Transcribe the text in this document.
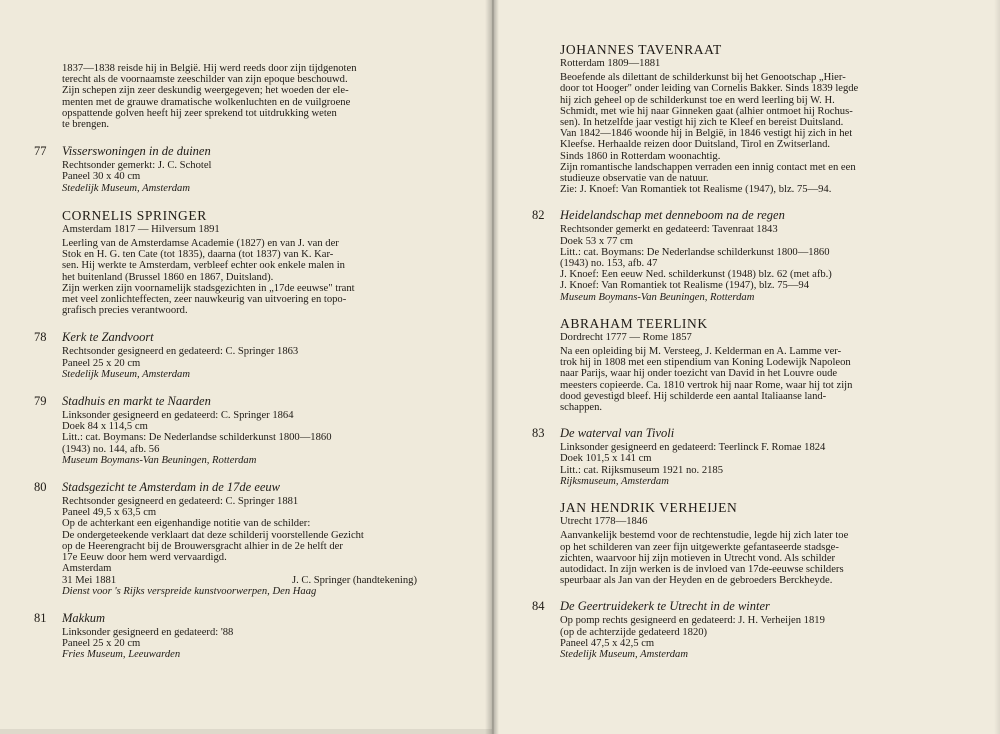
1837—1838 reisde hij in België. Hij werd reeds door zijn tijdgenoten

terecht als de voornaamste zeeschilder van zijn epoque beschouwd.

Zijn schepen zijn zeer deskundig weergegeven; het woeden der ele-

menten met de grauwe dramatische wolkenluchten en de vuilgroene

opspattende golven heeft hij zeer sprekend tot uitdrukking weten

te brengen.

77 Visserswoningen in de duinen

Rechtsonder gemerkt: J. C. Schotel

Paneel 30 x 40 cm

Stedelijk Museum, Amsterdam

CORNELIS SPRINGER

Amsterdam 1817 — Hilversum 1891

Leerling van de Amsterdamse Academie (1827) en van J. van der

Stok en H. G. ten Cate (tot 1835), daarna (tot 1837) van K. Kar-

sen. Hij werkte te Amsterdam, verbleef echter ook enkele malen in

het buitenland (Brussel 1860 en 1867, Duitsland).

Zijn werken zijn voornamelijk stadsgezichten in „17de eeuwse" trant

met veel zonlichteffecten, zeer nauwkeurig van uitvoering en topo-

grafisch precies verantwoord.

78 Kerk te Zandvoort

Rechtsonder gesigneerd en gedateerd: C. Springer 1863

Paneel 25 x 20 cm

Stedelijk Museum, Amsterdam

79 Stadhuis en markt te Naarden

Linksonder gesigneerd en gedateerd: C. Springer 1864

Doek 84 x 114,5 cm

Litt.: cat. Boymans: De Nederlandse schilderkunst 1800—1860

(1943) no. 144, afb. 56

Museum Boymans-Van Beuningen, Rotterdam

80 Stadsgezicht te Amsterdam in de 17de eeuw

Rechtsonder gesigneerd en gedateerd: C. Springer 1881

Paneel 49,5 x 63,5 cm

Op de achterkant een eigenhandige notitie van de schilder:

De ondergeteekende verklaart dat deze schilderij voorstellende Gezicht

op de Heerengracht bij de Brouwersgracht alhier in de 2e helft der

17e Eeuw door hem werd vervaardigd.

Amsterdam

31 Mei 1881	J. C. Springer (handtekening)

Dienst voor 's Rijks verspreide kunstvoorwerpen, Den Haag

81 Makkum

Linksonder gesigneerd en gedateerd: '88

Paneel 25 x 20 cm

Fries Museum, Leeuwarden

JOHANNES TAVENRAAT

Rotterdam 1809—1881

Beoefende als dilettant de schilderkunst bij het Genootschap „Hier-

door tot Hooger" onder leiding van Cornelis Bakker. Sinds 1839 legde

hij zich geheel op de schilderkunst toe en werd leerling bij W. H.

Schmidt, met wie hij naar Ginneken gaat (alhier ontmoet hij Rochus-

sen). In hetzelfde jaar vestigt hij zich te Kleef en bereist Duitsland.

Van 1842—1846 woonde hij in België, in 1846 vestigt hij zich in het

Kleefse. Herhaalde reizen door Duitsland, Tirol en Zwitserland.

Sinds 1860 in Rotterdam woonachtig.

Zijn romantische landschappen verraden een innig contact met en een

studieuze observatie van de natuur.

Zie: J. Knoef: Van Romantiek tot Realisme (1947), blz. 75—94.

82 Heidelandschap met denneboom na de regen

Rechtsonder gemerkt en gedateerd: Tavenraat 1843

Doek 53 x 77 cm

Litt.: cat. Boymans: De Nederlandse schilderkunst 1800—1860

(1943) no. 153, afb. 47

J. Knoef: Een eeuw Ned. schilderkunst (1948) blz. 62 (met afb.)

J. Knoef: Van Romantiek tot Realisme (1947), blz. 75—94

Museum Boymans-Van Beuningen, Rotterdam

ABRAHAM TEERLINK

Dordrecht 1777 — Rome 1857

Na een opleiding bij M. Versteeg, J. Kelderman en A. Lamme ver-

trok hij in 1808 met een stipendium van Koning Lodewijk Napoleon

naar Parijs, waar hij onder toezicht van David in het Louvre oude

meesters copieerde. Ca. 1810 vertrok hij naar Rome, waar hij tot zijn

dood gevestigd bleef. Hij schilderde een aantal Italiaanse land-

schappen.

83 De waterval van Tivoli

Linksonder gesigneerd en gedateerd: Teerlinck F. Romae 1824

Doek 101,5 x 141 cm

Litt.: cat. Rijksmuseum 1921 no. 2185

Rijksmuseum, Amsterdam

JAN HENDRIK VERHEIJEN

Utrecht 1778—1846

Aanvankelijk bestemd voor de rechtenstudie, legde hij zich later toe

op het schilderen van zeer fijn uitgewerkte gefantaseerde stadsge-

zichten, waarvoor hij zijn motieven in Utrecht vond. Als schilder

autodidact. In zijn werken is de invloed van 17de-eeuwse schilders

speurbaar als Jan van der Heyden en de gebroeders Berckheyde.

84 De Geertruidekerk te Utrecht in de winter

Op pomp rechts gesigneerd en gedateerd: J. H. Verheijen 1819

(op de achterzijde gedateerd 1820)

Paneel 47,5 x 42,5 cm

Stedelijk Museum, Amsterdam
